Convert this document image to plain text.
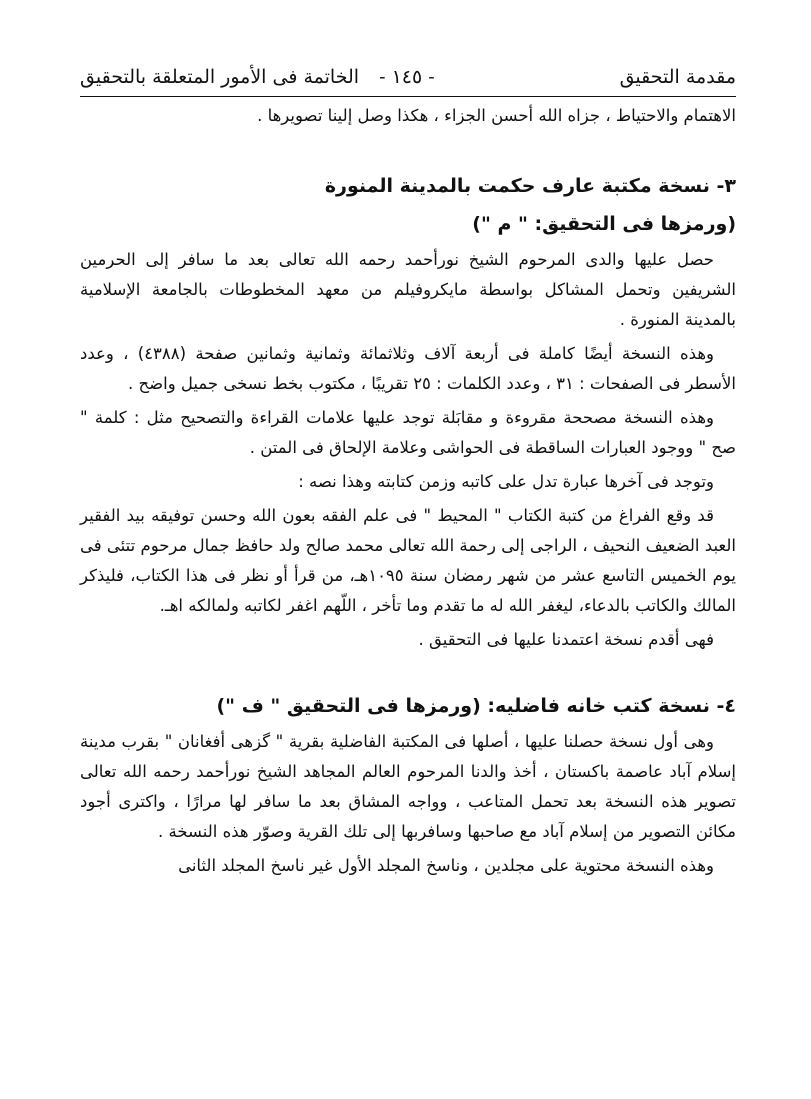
مقدمة التحقيق
- ١٤٥ - الخاتمة فى الأمور المتعلقة بالتحقيق

الاهتمام والاحتياط ، جزاه الله أحسن الجزاء ، هكذا وصل إلينا تصويرها .

٣- نسخة مكتبة عارف حكمت بالمدينة المنورة

(ورمزها فى التحقيق: " م ")

حصل عليها والدى المرحوم الشيخ نورأحمد رحمه الله تعالى بعد ما سافر إلى الحرمين الشريفين وتحمل المشاكل بواسطة مايكروفيلم من معهد المخطوطات بالجامعة الإسلامية بالمدينة المنورة .

وهذه النسخة أيضًا كاملة فى أربعة آلاف وثلاثمائة وثمانية وثمانين صفحة (٤٣٨٨) ، وعدد الأسطر فى الصفحات : ٣١ ، وعدد الكلمات : ٢٥ تقريبًا ، مكتوب بخط نسخى جميل واضح .

وهذه النسخة مصححة مقروءة و مقابَلة توجد عليها علامات القراءة والتصحيح مثل : كلمة " صح " ووجود العبارات الساقطة فى الحواشى وعلامة الإلحاق فى المتن .

وتوجد فى آخرها عبارة تدل على كاتبه وزمن كتابته وهذا نصه :

قد وقع الفراغ من كتبة الكتاب " المحيط " فى علم الفقه بعون الله وحسن توفيقه بيد الفقير العبد الضعيف النحيف ، الراجى إلى رحمة الله تعالى محمد صالح ولد حافظ جمال مرحوم تتئى فى يوم الخميس التاسع عشر من شهر رمضان سنة ١٠٩٥هـ، من قرأ أو نظر فى هذا الكتاب، فليذكر المالك والكاتب بالدعاء، ليغفر الله له ما تقدم وما تأخر ، اللّهم اغفر لكاتبه ولمالكه اهـ.

فهى أقدم نسخة اعتمدنا عليها فى التحقيق .

٤- نسخة كتب خانه فاضليه: (ورمزها فى التحقيق " ف ")

وهى أول نسخة حصلنا عليها ، أصلها فى المكتبة الفاضلية بقرية " گزهى أفغانان " بقرب مدينة إسلام آباد عاصمة باكستان ، أخذ والدنا المرحوم العالم المجاهد الشيخ نورأحمد رحمه الله تعالى تصوير هذه النسخة بعد تحمل المتاعب ، وواجه المشاق بعد ما سافر لها مرارًا ، واكترى أجود مكائن التصوير من إسلام آباد مع صاحبها وسافربها إلى تلك القرية وصوّر هذه النسخة .

وهذه النسخة محتوية على مجلدين ، وناسخ المجلد الأول غير ناسخ المجلد الثانى
